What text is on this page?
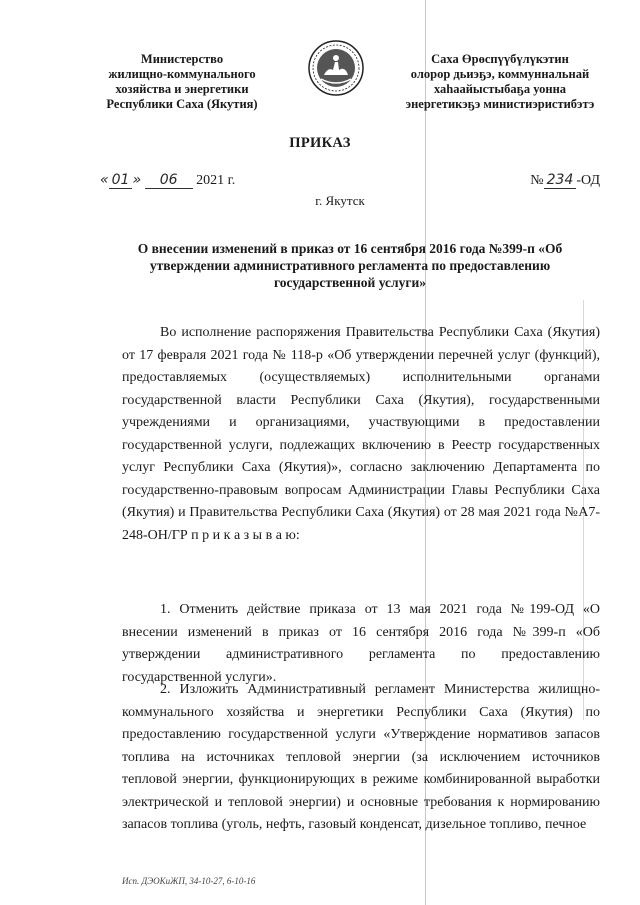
Министерство
жилищно-коммунального
хозяйства и энергетики
Республики Саха (Якутия)
Саха Өрөспүүбүлүкэтин
олорор дьиэҕэ, коммуннальнай
хаһаайыстыбаҕа уонна
энергетикэҕэ министиэристибэтэ
ПРИКАЗ
« 01 » 06 2021 г.	№ 234 -ОД
г. Якутск
О внесении изменений в приказ от 16 сентября 2016 года №399-п «Об утверждении административного регламента по предоставлению государственной услуги»
Во исполнение распоряжения Правительства Республики Саха (Якутия) от 17 февраля 2021 года № 118-р «Об утверждении перечней услуг (функций), предоставляемых (осуществляемых) исполнительными органами государственной власти Республики Саха (Якутия), государственными учреждениями и организациями, участвующими в предоставлении государственной услуги, подлежащих включению в Реестр государственных услуг Республики Саха (Якутия)», согласно заключению Департамента по государственно-правовым вопросам Администрации Главы Республики Саха (Якутия) и Правительства Республики Саха (Якутия) от 28 мая 2021 года №А7-248-ОН/ГР п р и к а з ы в а ю:
1. Отменить действие приказа от 13 мая 2021 года №199-ОД «О внесении изменений в приказ от 16 сентября 2016 года №399-п «Об утверждении административного регламента по предоставлению государственной услуги».
2. Изложить Административный регламент Министерства жилищно-коммунального хозяйства и энергетики Республики Саха (Якутия) по предоставлению государственной услуги «Утверждение нормативов запасов топлива на источниках тепловой энергии (за исключением источников тепловой энергии, функционирующих в режиме комбинированной выработки электрической и тепловой энергии) и основные требования к нормированию запасов топлива (уголь, нефть, газовый конденсат, дизельное топливо, печное
Исп. ДЭОКиЖП, 34-10-27, 6-10-16
